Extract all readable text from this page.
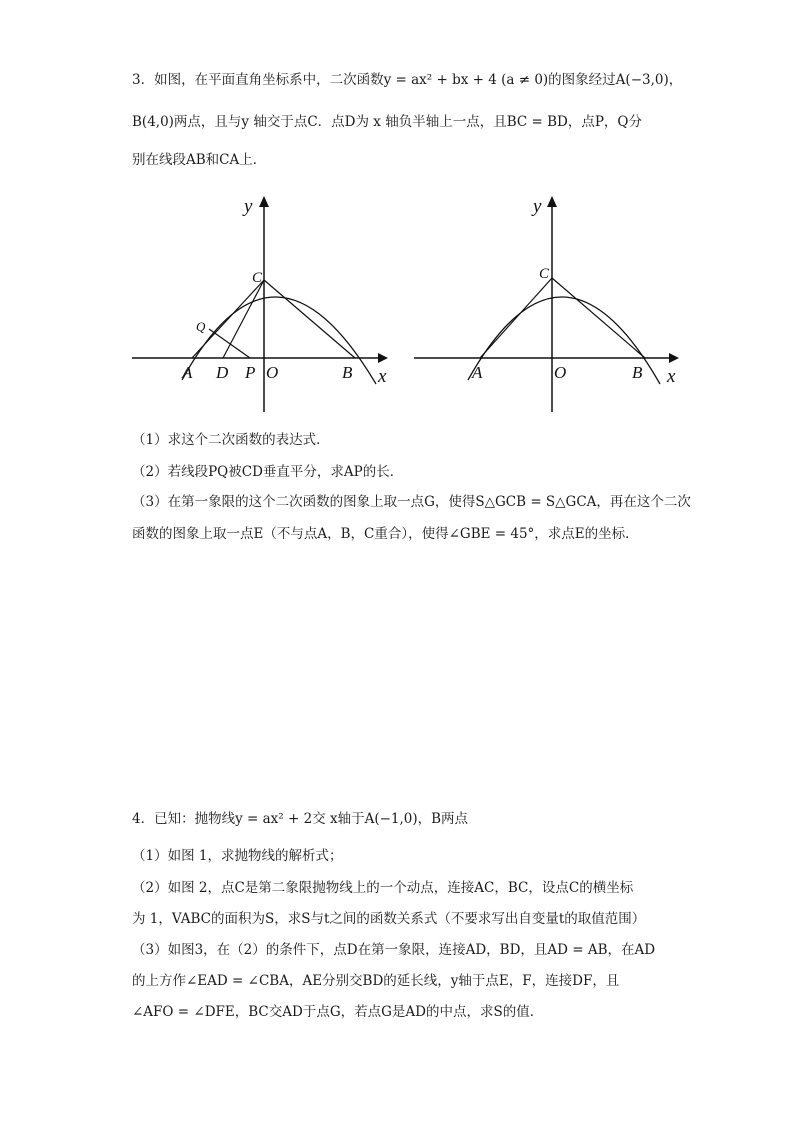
3．如图，在平面直角坐标系中，二次函数y = ax² + bx + 4 (a ≠ 0)的图象经过A(−3,0)，
B(4,0)两点，且与y 轴交于点C．点D为 x 轴负半轴上一点，且BC = BD，点P，Q分
别在线段AB和CA上．
y
C
Q
A D P O	B x
y
C
A	O	B x
（1）求这个二次函数的表达式．
（2）若线段PQ被CD垂直平分，求AP的长．
（3）在第一象限的这个二次函数的图象上取一点G，使得S△GCB = S△GCA，再在这个二次
函数的图象上取一点E（不与点A，B，C重合），使得∠GBE = 45°，求点E的坐标．
4．已知：抛物线y = ax² + 2交 x轴于A(−1,0)，B两点
（1）如图 1，求抛物线的解析式；
（2）如图 2，点C是第二象限抛物线上的一个动点，连接AC，BC，设点C的横坐标
为 1，VABC的面积为S，求S与t之间的函数关系式（不要求写出自变量t的取值范围）
（3）如图3，在（2）的条件下，点D在第一象限，连接AD，BD，且AD = AB，在AD
的上方作∠EAD = ∠CBA，AE分别交BD的延长线，y轴于点E，F，连接DF，且
∠AFO = ∠DFE，BC交AD于点G，若点G是AD的中点，求S的值．
